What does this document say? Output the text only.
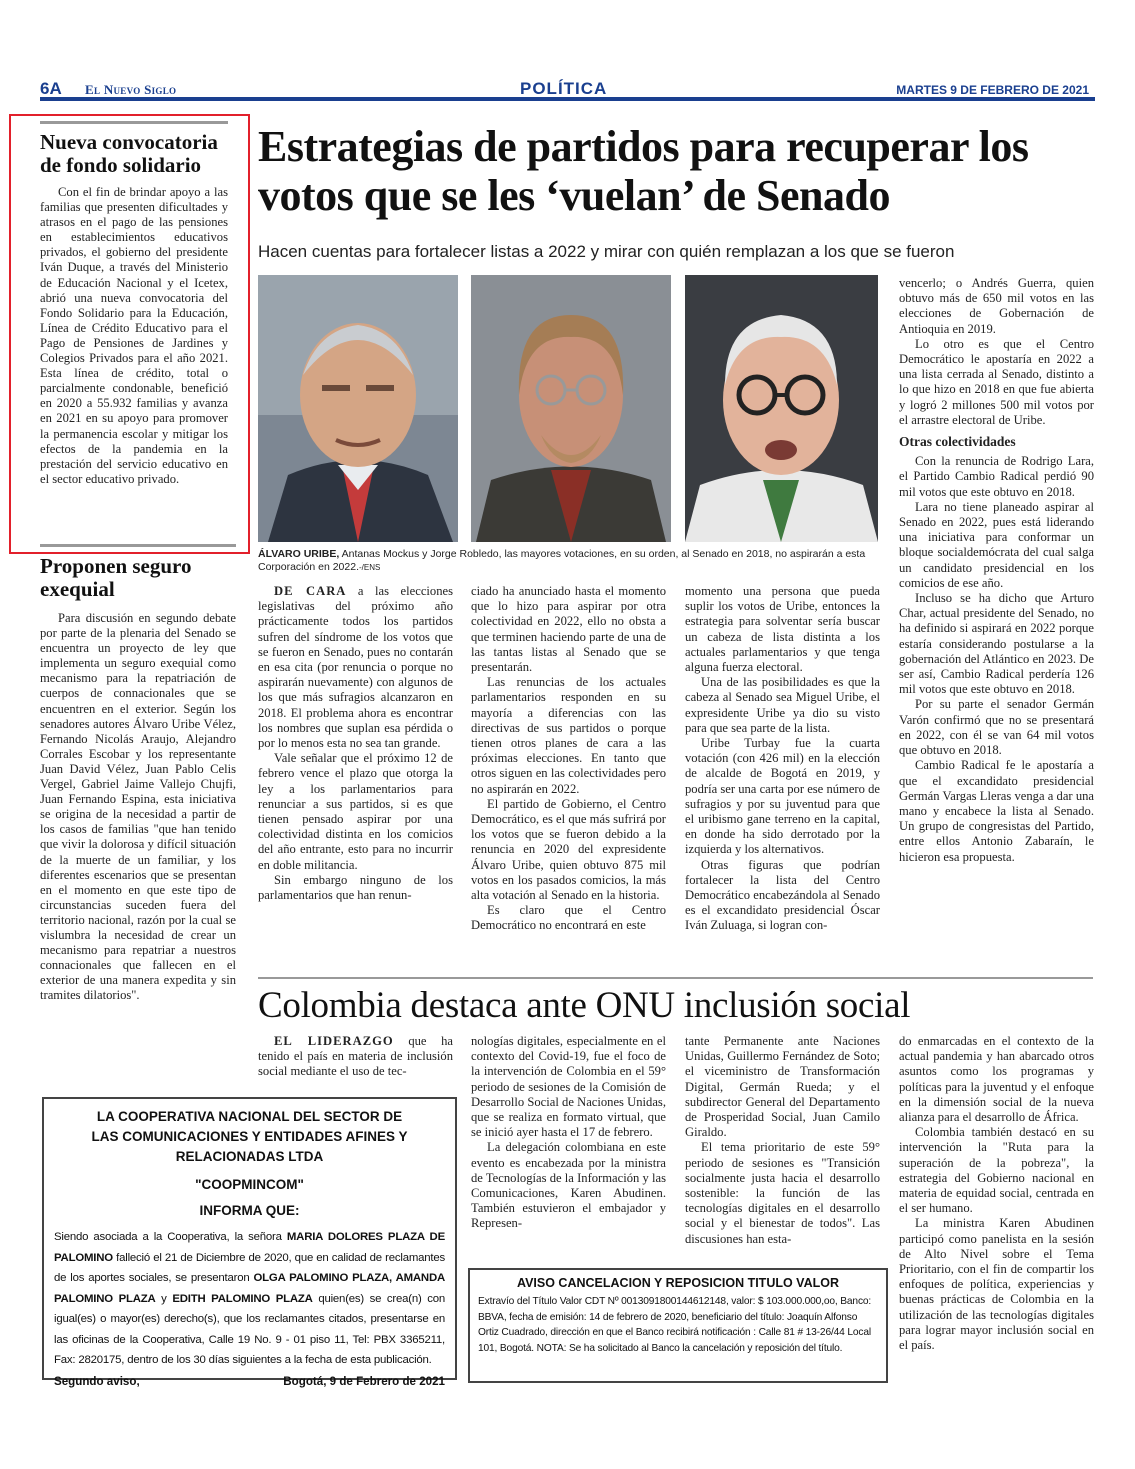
6A El Nuevo Siglo	POLÍTICA	MARTES 9 DE FEBRERO DE 2021
Nueva convocatoria de fondo solidario
Con el fin de brindar apoyo a las familias que presenten dificultades y atrasos en el pago de las pensiones en establecimientos educativos privados, el gobierno del presidente Iván Duque, a través del Ministerio de Educación Nacional y el Icetex, abrió una nueva convocatoria del Fondo Solidario para la Educación, Línea de Crédito Educativo para el Pago de Pensiones de Jardines y Colegios Privados para el año 2021. Esta línea de crédito, total o parcialmente condonable, benefició en 2020 a 55.932 familias y avanza en 2021 en su apoyo para promover la permanencia escolar y mitigar los efectos de la pandemia en la prestación del servicio educativo en el sector educativo privado.
Proponen seguro exequial
Para discusión en segundo debate por parte de la plenaria del Senado se encuentra un proyecto de ley que implementa un seguro exequial como mecanismo para la repatriación de cuerpos de connacionales que se encuentren en el exterior. Según los senadores autores Álvaro Uribe Vélez, Fernando Nicolás Araujo, Alejandro Corrales Escobar y los representante Juan David Vélez, Juan Pablo Celis Vergel, Gabriel Jaime Vallejo Chujfi, Juan Fernando Espina, esta iniciativa se origina de la necesidad a partir de los casos de familias "que han tenido que vivir la dolorosa y difícil situación de la muerte de un familiar, y los diferentes escenarios que se presentan en el momento en que este tipo de circunstancias suceden fuera del territorio nacional, razón por la cual se vislumbra la necesidad de crear un mecanismo para repatriar a nuestros connacionales que fallecen en el exterior de una manera expedita y sin tramites dilatorios".
Estrategias de partidos para recuperar los votos que se les ‘vuelan’ de Senado
Hacen cuentas para fortalecer listas a 2022 y mirar con quién remplazan a los que se fueron
ÁLVARO URIBE, Antanas Mockus y Jorge Robledo, las mayores votaciones, en su orden, al Senado en 2018, no aspirarán a esta Corporación en 2022.-/ENS

DE CARA a las elecciones legislativas del próximo año prácticamente todos los partidos sufren del síndrome de los votos que se fueron en Senado, pues no contarán en esa cita (por renuncia o porque no aspirarán nuevamente) con algunos de los que más sufragios alcanzaron en 2018. El problema ahora es encontrar los nombres que suplan esa pérdida o por lo menos esta no sea tan grande.

Vale señalar que el próximo 12 de febrero vence el plazo que otorga la ley a los parlamentarios para renunciar a sus partidos, si es que tienen pensado aspirar por una colectividad distinta en los comicios del año entrante, esto para no incurrir en doble militancia.

Sin embargo ninguno de los parlamentarios que han renun-

ciado ha anunciado hasta el momento que lo hizo para aspirar por otra colectividad en 2022, ello no obsta a que terminen haciendo parte de una de las tantas listas al Senado que se presentarán.

Las renuncias de los actuales parlamentarios responden en su mayoría a diferencias con las directivas de sus partidos o porque tienen otros planes de cara a las próximas elecciones. En tanto que otros siguen en las colectividades pero no aspirarán en 2022.

El partido de Gobierno, el Centro Democrático, es el que más sufrirá por los votos que se fueron debido a la renuncia en 2020 del expresidente Álvaro Uribe, quien obtuvo 875 mil votos en los pasados comicios, la más alta votación al Senado en la historia.

Es claro que el Centro Democrático no encontrará en este

momento una persona que pueda suplir los votos de Uribe, entonces la estrategia para solventar sería buscar un cabeza de lista distinta a los actuales parlamentarios y que tenga alguna fuerza electoral.

Una de las posibilidades es que la cabeza al Senado sea Miguel Uribe, el expresidente Uribe ya dio su visto para que sea parte de la lista.

Uribe Turbay fue la cuarta votación (con 426 mil) en la elección de alcalde de Bogotá en 2019, y podría ser una carta por ese número de sufragios y por su juventud para que el uribismo gane terreno en la capital, en donde ha sido derrotado por la izquierda y los alternativos.

Otras figuras que podrían fortalecer la lista del Centro Democrático encabezándola al Senado es el excandidato presidencial Óscar Iván Zuluaga, si logran con-

vencerlo; o Andrés Guerra, quien obtuvo más de 650 mil votos en las elecciones de Gobernación de Antioquia en 2019.

Lo otro es que el Centro Democrático le apostaría en 2022 a una lista cerrada al Senado, distinto a lo que hizo en 2018 en que fue abierta y logró 2 millones 500 mil votos por el arrastre electoral de Uribe.

Otras colectividades

Con la renuncia de Rodrigo Lara, el Partido Cambio Radical perdió 90 mil votos que este obtuvo en 2018.

Lara no tiene planeado aspirar al Senado en 2022, pues está liderando una iniciativa para conformar un bloque socialdemócrata del cual salga un candidato presidencial en los comicios de ese año.

Incluso se ha dicho que Arturo Char, actual presidente del Senado, no ha definido si aspirará en 2022 porque estaría considerando postularse a la gobernación del Atlántico en 2023. De ser así, Cambio Radical perdería 126 mil votos que este obtuvo en 2018.

Por su parte el senador Germán Varón confirmó que no se presentará en 2022, con él se van 64 mil votos que obtuvo en 2018.

Cambio Radical fe le apostaría a que el excandidato presidencial Germán Vargas Lleras venga a dar una mano y encabece la lista al Senado. Un grupo de congresistas del Partido, entre ellos Antonio Zabaraín, le hicieron esa propuesta.

Colombia destaca ante ONU inclusión social

EL LIDERAZGO que ha tenido el país en materia de inclusión social mediante el uso de tec-

nologías digitales, especialmente en el contexto del Covid-19, fue el foco de la intervención de Colombia en el 59° periodo de sesiones de la Comisión de Desarrollo Social de Naciones Unidas, que se realiza en formato virtual, que se inició ayer hasta el 17 de febrero.

La delegación colombiana en este evento es encabezada por la ministra de Tecnologías de la Información y las Comunicaciones, Karen Abudinen. También estuvieron el embajador y Represen-

tante Permanente ante Naciones Unidas, Guillermo Fernández de Soto; el viceministro de Transformación Digital, Germán Rueda; y el subdirector General del Departamento de Prosperidad Social, Juan Camilo Giraldo.

El tema prioritario de este 59° periodo de sesiones es "Transición socialmente justa hacia el desarrollo sostenible: la función de las tecnologías digitales en el desarrollo social y el bienestar de todos". Las discusiones han esta-

do enmarcadas en el contexto de la actual pandemia y han abarcado otros asuntos como los programas y políticas para la juventud y el enfoque en la dimensión social de la nueva alianza para el desarrollo de África.

Colombia también destacó en su intervención la "Ruta para la superación de la pobreza", la estrategia del Gobierno nacional en materia de equidad social, centrada en el ser humano.

La ministra Karen Abudinen participó como panelista en la sesión de Alto Nivel sobre el Tema Prioritario, con el fin de compartir los enfoques de política, experiencias y buenas prácticas de Colombia en la utilización de las tecnologías digitales para lograr mayor inclusión social en el país.

LA COOPERATIVA NACIONAL DEL SECTOR DE
LAS COMUNICACIONES Y ENTIDADES AFINES Y
RELACIONADAS LTDA
"COOPMINCOM"
INFORMA QUE:
Siendo asociada a la Cooperativa, la señora MARIA DOLORES PLAZA DE PALOMINO falleció el 21 de Diciembre de 2020, que en calidad de reclamantes de los aportes sociales, se presentaron OLGA PALOMINO PLAZA, AMANDA PALOMINO PLAZA y EDITH PALOMINO PLAZA quien(es) se crea(n) con igual(es) o mayor(es) derecho(s), que los reclamantes citados, presentarse en las oficinas de la Cooperativa, Calle 19 No. 9 - 01 piso 11, Tel: PBX 3365211, Fax: 2820175, dentro de los 30 días siguientes a la fecha de esta publicación.
Segundo aviso,	Bogotá, 9 de Febrero de 2021
AVISO CANCELACION Y REPOSICION TITULO VALOR
Extravío del Título Valor CDT Nº 0013091800144612148, valor: $ 103.000.000,oo, Banco: BBVA, fecha de emisión: 14 de febrero de 2020, beneficiario del título: Joaquín Alfonso Ortiz Cuadrado, dirección en que el Banco recibirá notificación : Calle 81 # 13-26/44 Local 101, Bogotá. NOTA: Se ha solicitado al Banco la cancelación y reposición del título.
